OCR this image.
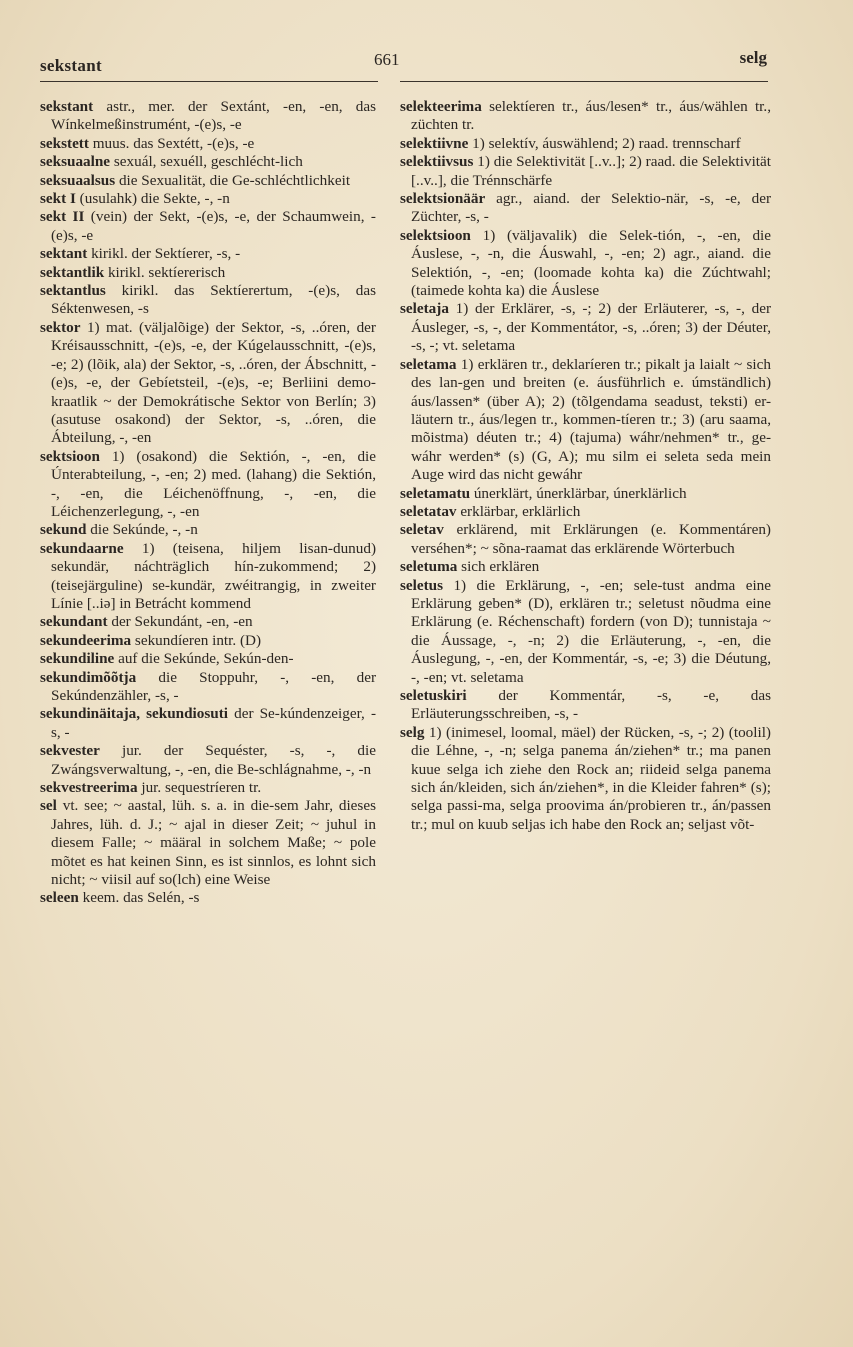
sekstant	661	selg

sekstant astr., mer. der Sextánt, -en, -en, das Wínkelmeßinstrumént, -(e)s, -e

sekstett muus. das Sextétt, -(e)s, -e

seksuaalne sexuál, sexuéll, geschlécht-lich

seksuaalsus die Sexualität, die Ge-schléchtlichkeit

sekt I (usulahk) die Sekte, -, -n

sekt II (vein) der Sekt, -(e)s, -e, der Schaumwein, -(e)s, -e

sektant kirikl. der Sektíerer, -s, -

sektantlik kirikl. sektíererisch

sektantlus kirikl. das Sektíerertum, -(e)s, das Séktenwesen, -s

sektor 1) mat. (väljalõige) der Sektor, -s, ..óren, der Kréisausschnitt, -(e)s, -e, der Kúgelausschnitt, -(e)s, -e; 2) (lõik, ala) der Sektor, -s, ..óren, der Ábschnitt, -(e)s, -e, der Gebíetsteil, -(e)s, -e; Berliini demo-kraatlik ~ der Demokrátische Sektor von Berlín; 3) (asutuse osakond) der Sektor, -s, ..óren, die Ábteilung, -, -en

sektsioon 1) (osakond) die Sektión, -, -en, die Únterabteilung, -, -en; 2) med. (lahang) die Sektión, -, -en, die Léichenöffnung, -, -en, die Léichenzerlegung, -, -en

sekund die Sekúnde, -, -n

sekundaarne 1) (teisena, hiljem lisan-dunud) sekundär, náchträglich hín-zukommend; 2) (teisejärguline) se-kundär, zwéitrangig, in zweiter Línie [..iə] in Betrácht kommend

sekundant der Sekundánt, -en, -en

sekundeerima sekundíeren intr. (D)

sekundiline auf die Sekúnde, Sekún-den-

sekundimõõtja die Stoppuhr, -, -en, der Sekúndenzähler, -s, -

sekundinäitaja, sekundiosuti der Se-kúndenzeiger, -s, -

sekvester jur. der Sequéster, -s, -, die Zwángsverwaltung, -, -en, die Be-schlágnahme, -, -n

sekvestreerima jur. sequestríeren tr.

sel vt. see; ~ aastal, lüh. s. a. in die-sem Jahr, dieses Jahres, lüh. d. J.; ~ ajal in dieser Zeit; ~ juhul in diesem Falle; ~ määral in solchem Maße; ~ pole mõtet es hat keinen Sinn, es ist sinnlos, es lohnt sich nicht; ~ viisil auf so(lch) eine Weise

seleen keem. das Selén, -s

selekteerima selektíeren tr., áus/lesen* tr., áus/wählen tr., züchten tr.

selektiivne 1) selektív, áuswählend; 2) raad. trennscharf

selektiivsus 1) die Selektivität [..v..]; 2) raad. die Selektivität [..v..], die Trénnschärfe

selektsionäär agr., aiand. der Selektio-när, -s, -e, der Züchter, -s, -

selektsioon 1) (väljavalik) die Selek-tión, -, -en, die Áuslese, -, -n, die Áuswahl, -, -en; 2) agr., aiand. die Selektión, -, -en; (loomade kohta ka) die Zúchtwahl; (taimede kohta ka) die Áuslese

seletaja 1) der Erklärer, -s, -; 2) der Erläuterer, -s, -, der Áusleger, -s, -, der Kommentátor, -s, ..óren; 3) der Déuter, -s, -; vt. seletama

seletama 1) erklären tr., deklaríeren tr.; pikalt ja laialt ~ sich des lan-gen und breiten (e. áusführlich e. úmständlich) áus/lassen* (über A); 2) (tõlgendama seadust, teksti) er-läutern tr., áus/legen tr., kommen-tíeren tr.; 3) (aru saama, mõistma) déuten tr.; 4) (tajuma) wáhr/nehmen* tr., ge-wáhr werden* (s) (G, A); mu silm ei seleta seda mein Auge wird das nicht gewáhr

seletamatu únerklärt, únerklärbar, únerklärlich

seletatav erklärbar, erklärlich

seletav erklärend, mit Erklärungen (e. Kommentáren) verséhen*; ~ sõna-raamat das erklärende Wörterbuch

seletuma sich erklären

seletus 1) die Erklärung, -, -en; sele-tust andma eine Erklärung geben* (D), erklären tr.; seletust nõudma eine Erklärung (e. Réchenschaft) fordern (von D); tunnistaja ~ die Áussage, -, -n; 2) die Erläuterung, -, -en, die Áuslegung, -, -en, der Kommentár, -s, -e; 3) die Déutung, -, -en; vt. seletama

seletuskiri der Kommentár, -s, -e, das Erläuterungsschreiben, -s, -

selg 1) (inimesel, loomal, mäel) der Rücken, -s, -; 2) (toolil) die Léhne, -, -n; selga panema án/ziehen* tr.; ma panen kuue selga ich ziehe den Rock an; riideid selga panema sich án/kleiden, sich án/ziehen*, in die Kleider fahren* (s); selga passi-ma, selga proovima án/probieren tr., án/passen tr.; mul on kuub seljas ich habe den Rock an; seljast võt-
